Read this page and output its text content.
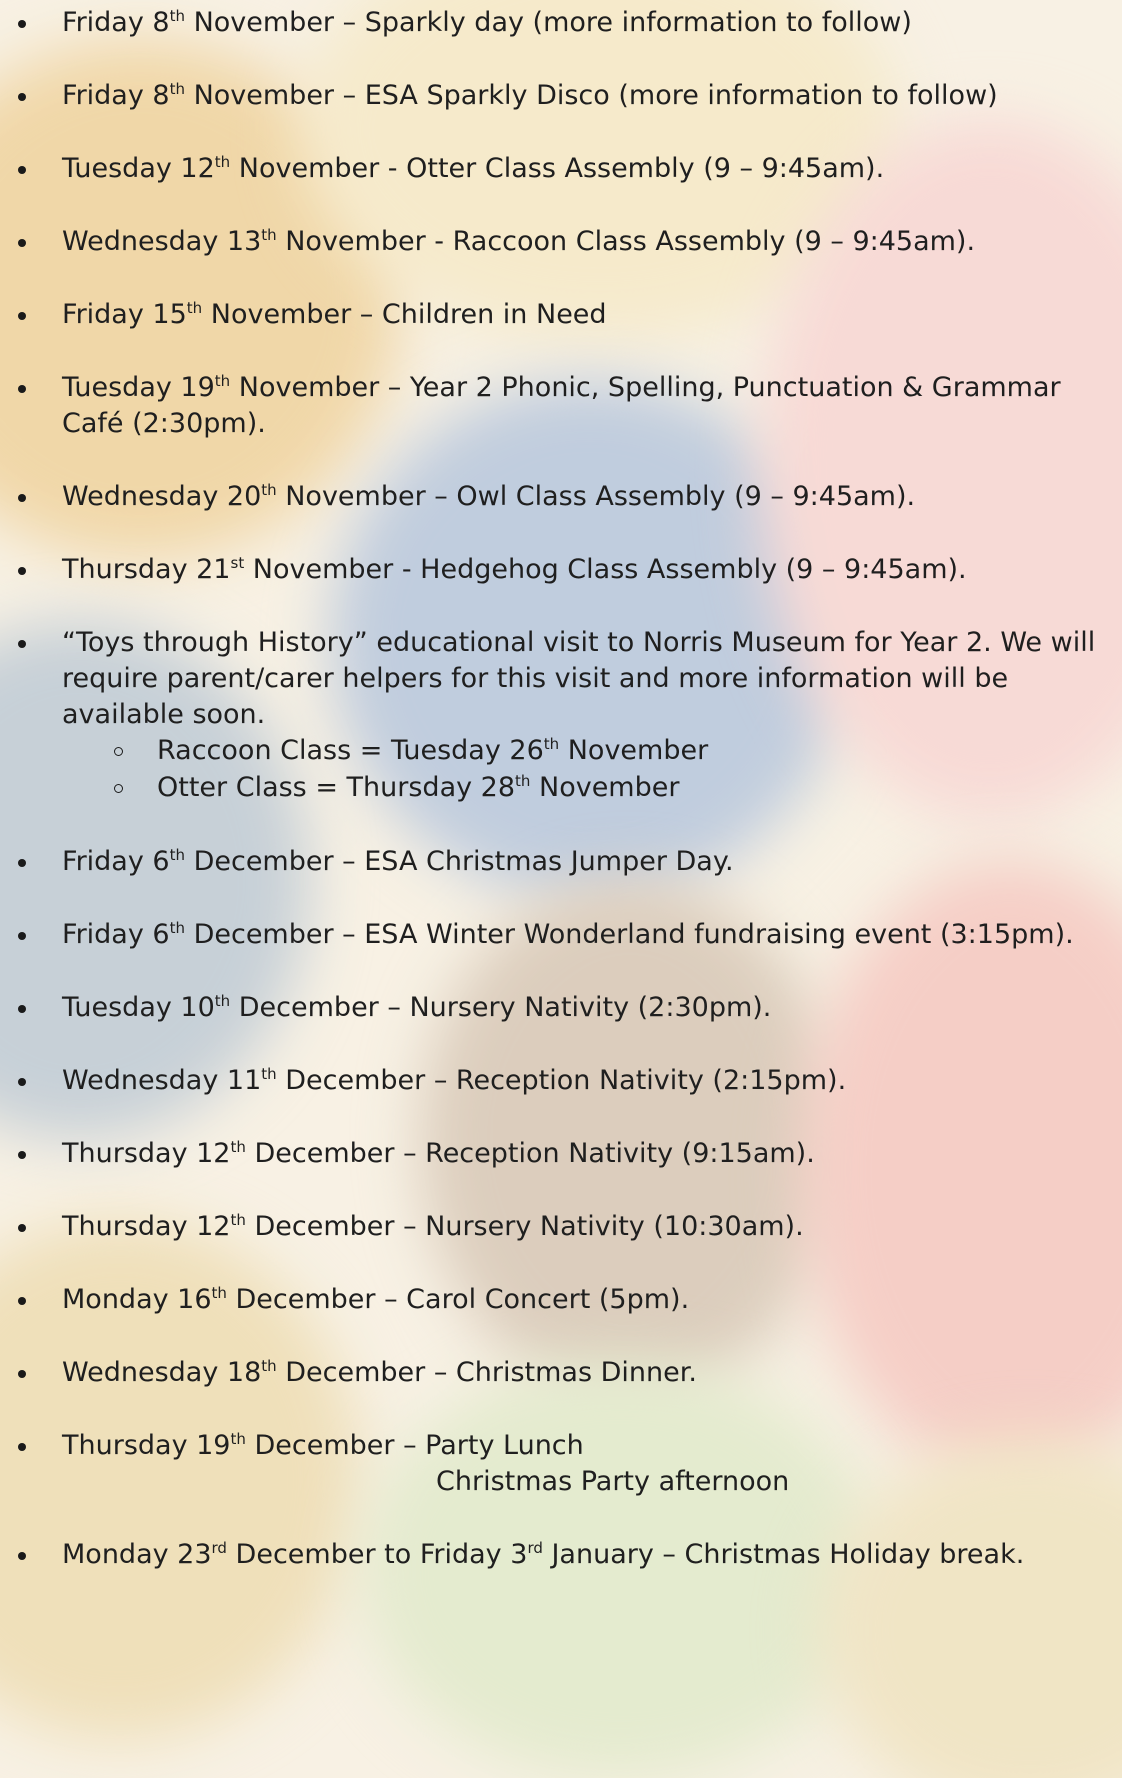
Friday 8th November – Sparkly day (more information to follow)
Friday 8th November – ESA Sparkly Disco (more information to follow)
Tuesday 12th November - Otter Class Assembly (9 – 9:45am).
Wednesday 13th November - Raccoon Class Assembly (9 – 9:45am).
Friday 15th November – Children in Need
Tuesday 19th November – Year 2 Phonic, Spelling, Punctuation & Grammar
Café (2:30pm).
Wednesday 20th November – Owl Class Assembly (9 – 9:45am).
Thursday 21st November - Hedgehog Class Assembly (9 – 9:45am).
“Toys through History” educational visit to Norris Museum for Year 2. We will
require parent/carer helpers for this visit and more information will be
available soon.
Raccoon Class = Tuesday 26th November
Otter Class = Thursday 28th November
Friday 6th December – ESA Christmas Jumper Day.
Friday 6th December – ESA Winter Wonderland fundraising event (3:15pm).
Tuesday 10th December – Nursery Nativity (2:30pm).
Wednesday 11th December – Reception Nativity (2:15pm).
Thursday 12th December – Reception Nativity (9:15am).
Thursday 12th December – Nursery Nativity (10:30am).
Monday 16th December – Carol Concert (5pm).
Wednesday 18th December – Christmas Dinner.
Thursday 19th December – Party Lunch
Christmas Party afternoon
Monday 23rd December to Friday 3rd January – Christmas Holiday break.
